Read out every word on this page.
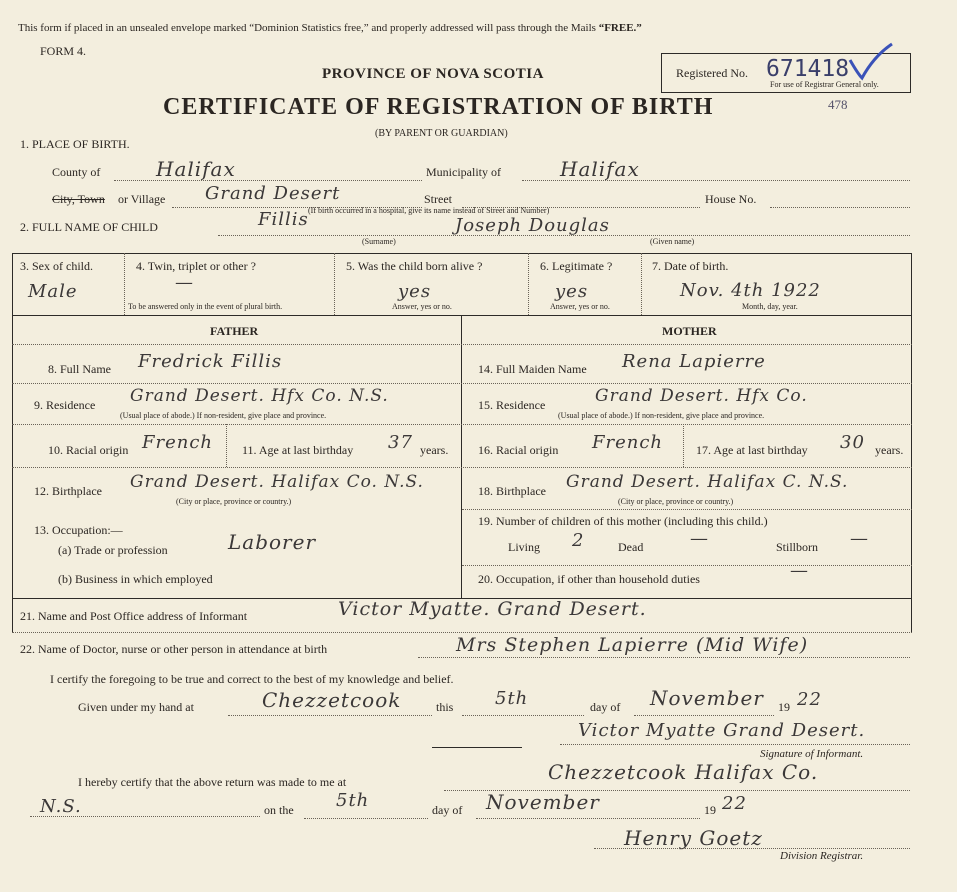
This form if placed in an unsealed envelope marked “Dominion Statistics free,” and properly addressed will pass through the Mails “FREE.”
FORM 4.
PROVINCE OF NOVA SCOTIA
CERTIFICATE OF REGISTRATION OF BIRTH
(BY PARENT OR GUARDIAN)
Registered No. 671418
For use of Registrar General only.
478
1. PLACE OF BIRTH.
County of	Halifax	Municipality of	Halifax
City, Town or Village Grand Desert	Street	House No.
(If birth occurred in a hospital, give its name instead of Street and Number)
2. FULL NAME OF CHILD	Fillis	Joseph Douglas
(Surname)	(Given name)
3. Sex of child.
Male
4. Twin, triplet or other ?
—
To be answered only in the event of plural birth.
5. Was the child born alive ?
yes
Answer, yes or no.
6. Legitimate ?
yes
Answer, yes or no.
7. Date of birth.
Nov. 4th 1922
Month, day, year.
FATHER	MOTHER
8. Full Name Fredrick Fillis
9. Residence Grand Desert. Hfx Co. N.S.
(Usual place of abode.) If non-resident, give place and province.
10. Racial origin French 11. Age at last birthday 37 years.
12. Birthplace Grand Desert. Halifax Co. N.S.
(City or place, province or country.)
13. Occupation:—
(a) Trade or profession	Laborer
(b) Business in which employed
14. Full Maiden Name Rena Lapierre
15. Residence	Grand Desert. Hfx Co.
(Usual place of abode.) If non-resident, give place and province.
16. Racial origin French	17. Age at last birthday 30 years.
18. Birthplace Grand Desert. Halifax C. N.S.
(City or place, province or country.)
19. Number of children of this mother (including this child.)
Living 2	Dead	—	Stillborn —
20. Occupation, if other than household duties	—
21. Name and Post Office address of Informant	Victor Myatte. Grand Desert.
22. Name of Doctor, nurse or other person in attendance at birth	Mrs Stephen Lapierre (Mid Wife)
I certify the foregoing to be true and correct to the best of my knowledge and belief.
Given under my hand at	Chezzetcook	this 5th	day of November 19 22
Victor Myatte Grand Desert.
Signature of Informant.
I hereby certify that the above return was made to me at	Chezzetcook Halifax Co.
N.S.	on the 5th	day of November	19 22
Henry Goetz
Division Registrar.
